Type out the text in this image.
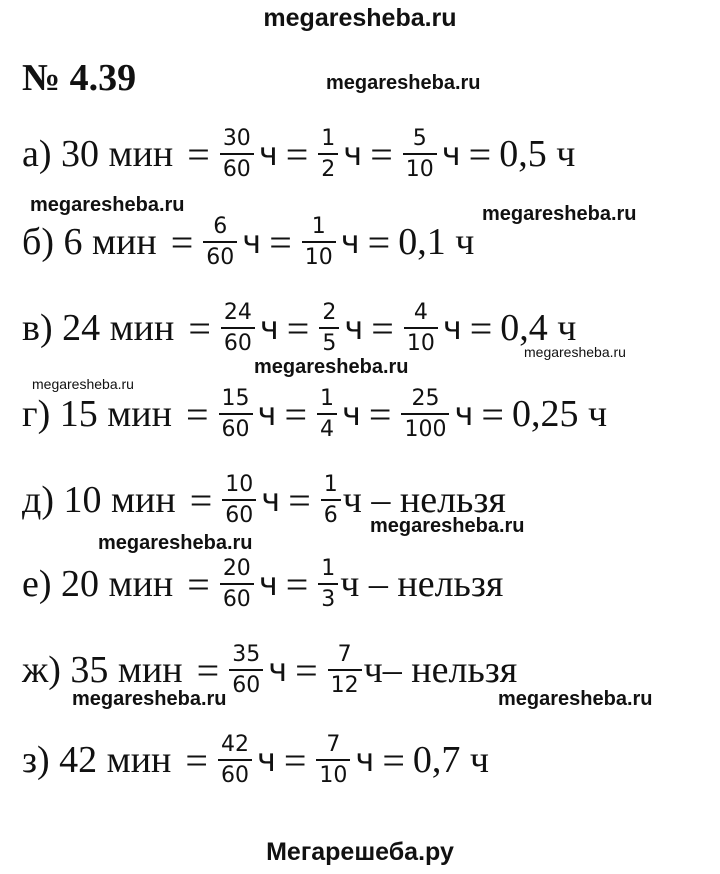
megaresheba.ru
megaresheba.ru
megaresheba.ru	megaresheba.ru
megaresheba.ru
megaresheba.ru
megaresheba.ru
megaresheba.ru
megaresheba.ru
megaresheba.ru	megaresheba.ru
Мегарешеба.ру
№ 4.39
а) 30 мин = $\frac{30}{60}$ $ч = \frac{1}{2}$ $ч = \frac{5}{10}$ ч = 0,5 ч
б) 6 мин = $\frac{6}{60}$ $ч = \frac{1}{10}$ ч = 0,1 ч
в) 24 мин = $\frac{24}{60}$ $ч = \frac{2}{5}$ $ч = \frac{4}{10}$ ч = 0,4 ч
г) 15 мин = $\frac{15}{60}$ $ч = \frac{1}{4}$ $ч = \frac{25}{100}$ ч = 0,25 ч
д) 10 мин = $\frac{10}{60}$ $ч = \frac{1}{6}$ ч – нельзя
е) 20 мин = $\frac{20}{60}$ $ч = \frac{1}{3}$ ч – нельзя
ж) 35 мин = $\frac{35}{60}$ $ч = \frac{7}{12} ч-$ нельзя
з) 42 мин = $\frac{42}{60}$ $ч = \frac{7}{10}$ ч = 0,7 ч
